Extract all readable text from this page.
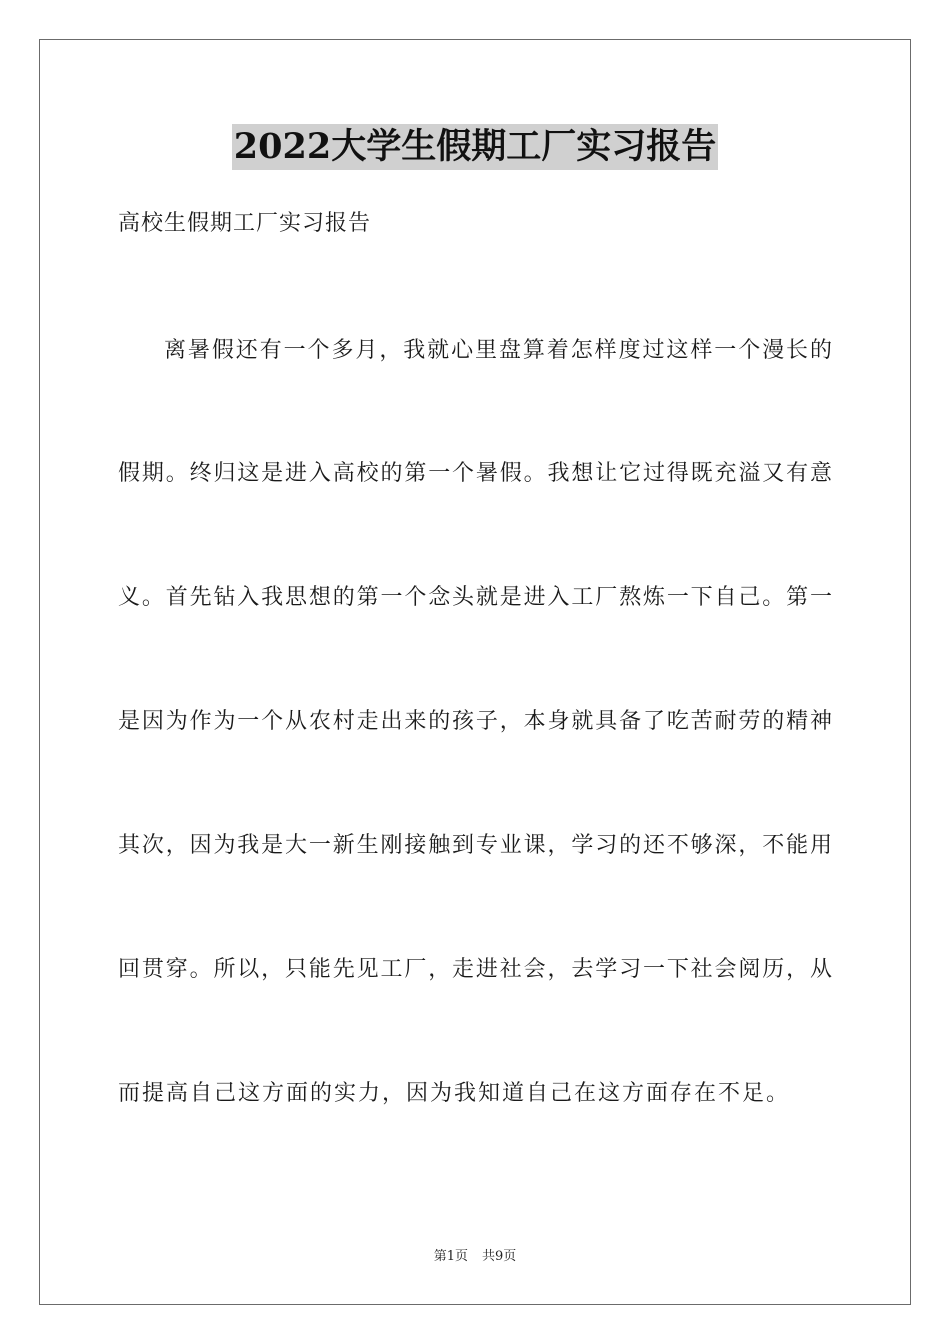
2022大学生假期工厂实习报告
高校生假期工厂实习报告
离暑假还有一个多月，我就心里盘算着怎样度过这样一个漫长的
假期。终归这是进入高校的第一个暑假。我想让它过得既充溢又有意
义。首先钻入我思想的第一个念头就是进入工厂熬炼一下自己。第一
是因为作为一个从农村走出来的孩子，本身就具备了吃苦耐劳的精神
其次，因为我是大一新生刚接触到专业课，学习的还不够深，不能用
回贯穿。所以，只能先见工厂，走进社会，去学习一下社会阅历，从
而提高自己这方面的实力，因为我知道自己在这方面存在不足。
第1页 共9页
